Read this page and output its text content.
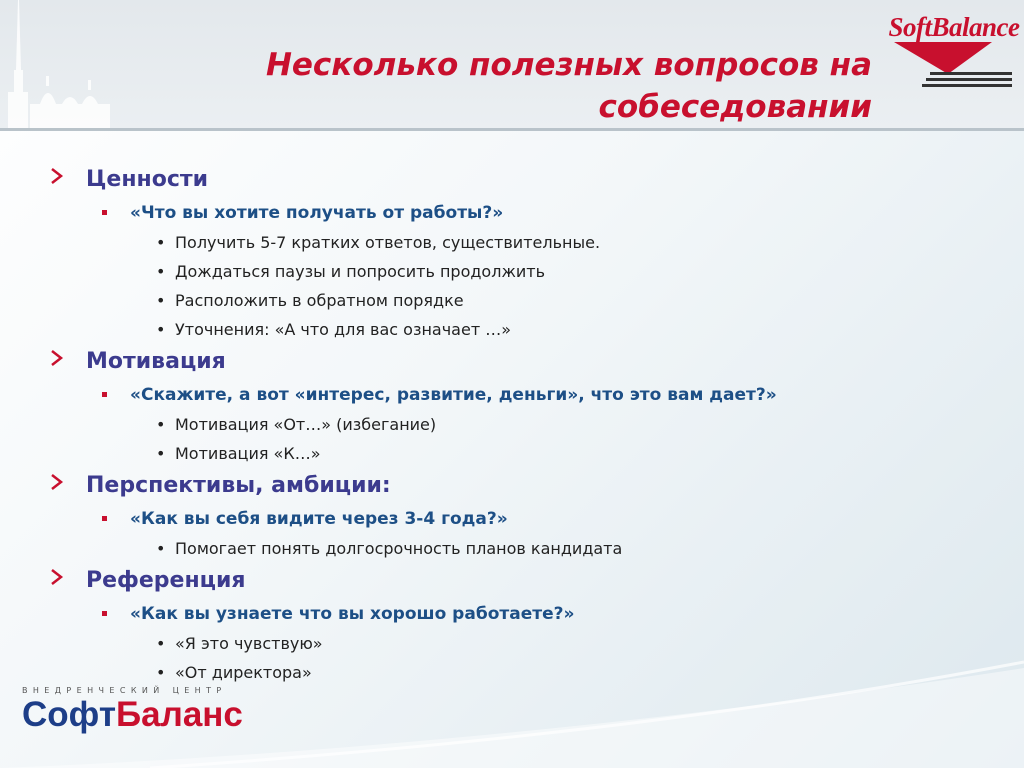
Несколько полезных вопросов на собеседовании
SoftBalance
Ценности
«Что вы хотите получать от работы?»
• Получить 5-7 кратких ответов, существительные.
• Дождаться паузы и попросить продолжить
• Расположить в обратном порядке
• Уточнения: «А что для вас означает …»
Мотивация
«Скажите, а вот «интерес, развитие, деньги», что это вам дает?»
• Мотивация «От…» (избегание)
• Мотивация «К…»
Перспективы, амбиции:
«Как вы себя видите через 3-4 года?»
• Помогает понять долгосрочность планов кандидата
Референция
«Как вы узнаете что вы хорошо работаете?»
• «Я это чувствую»
• «От директора»
ВНЕДРЕНЧЕСКИЙ ЦЕНТР
СофтБаланс
